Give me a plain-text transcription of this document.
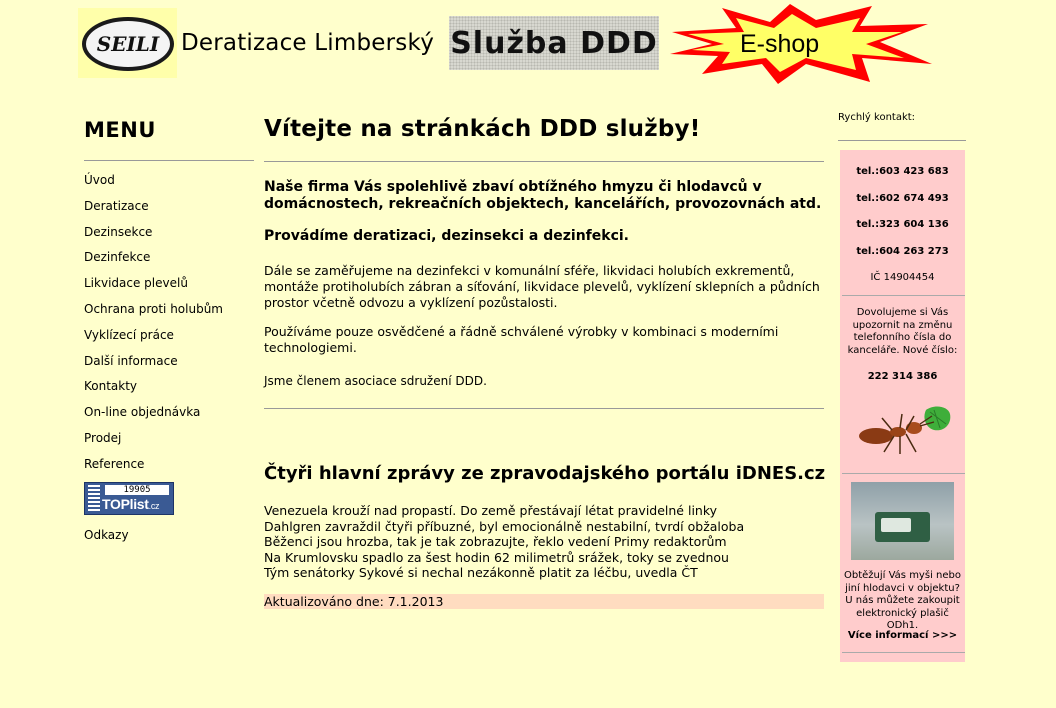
SEILI Deratizace Limberský Služba DDD	E-shop
MENU
Úvod
Deratizace
Dezinsekce
Dezinfekce
Likvidace plevelů
Ochrana proti holubům
Vyklízecí práce
Další informace
Kontakty
On-line objednávka
Prodej
Reference
19905
TOPlist.cz
Odkazy
Vítejte na stránkách DDD služby!

Naše firma Vás spolehlivě zbaví obtížného hmyzu či hlodavců v domácnostech, rekreačních objektech, kancelářích, provozovnách atd.

Provádíme deratizaci, dezinsekci a dezinfekci.

Dále se zaměřujeme na dezinfekci v komunální sféře, likvidaci holubích exkrementů, montáže protiholubích zábran a síťování, likvidace plevelů, vyklízení sklepních a půdních prostor včetně odvozu a vyklízení pozůstalosti.

Používáme pouze osvědčené a řádně schválené výrobky v kombinaci s moderními technologiemi.

Jsme členem asociace sdružení DDD.

Čtyři hlavní zprávy ze zpravodajského portálu iDNES.cz
Venezuela krouží nad propastí. Do země přestávají létat pravidelné linky
Dahlgren zavraždil čtyři příbuzné, byl emocionálně nestabilní, tvrdí obžaloba
Běženci jsou hrozba, tak je tak zobrazujte, řeklo vedení Primy redaktorům
Na Krumlovsku spadlo za šest hodin 62 milimetrů srážek, toky se zvednou
Tým senátorky Sykové si nechal nezákonně platit za léčbu, uvedla ČT
Aktualizováno dne: 7.1.2013
Rychlý kontakt:
tel.:603 423 683
tel.:602 674 493
tel.:323 604 136
tel.:604 263 273
IČ 14904454
Dovolujeme si Vás upozornit na změnu telefonního čísla do kanceláře. Nové číslo:
222 314 386
Obtěžují Vás myši nebo jiní hlodavci v objektu? U nás můžete zakoupit elektronický plašič ODh1.
Více informací >>>
